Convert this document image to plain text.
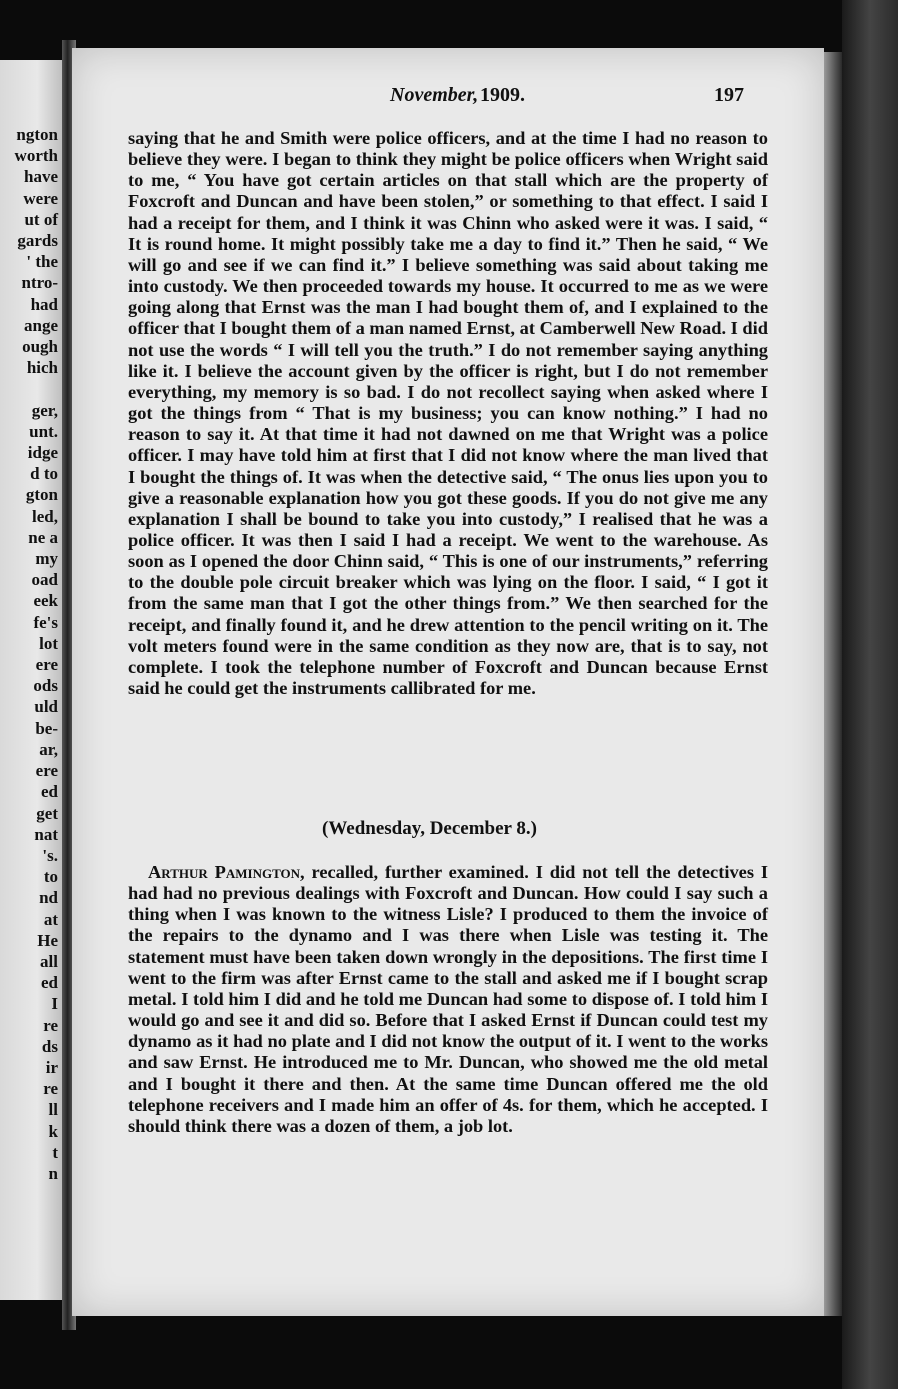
ngton
worth
have
were
ut of
gards
' the
ntro-
had
ange
ough
hich

ger,
unt.
idge
d to
gton
led,
ne a
my
oad
eek
fe's
lot
ere
ods
uld
be-
ar,
ere
ed
get
nat
's.
to
nd
at
He
all
ed
I
re
ds
ir
re
ll
k
t
n
November, 1909.	197

saying that he and Smith were police officers, and at the time I had no reason to believe they were. I began to think they might be police officers when Wright said to me, “ You have got certain articles on that stall which are the property of Foxcroft and Duncan and have been stolen,” or something to that effect. I said I had a receipt for them, and I think it was Chinn who asked were it was. I said, “ It is round home. It might possibly take me a day to find it.” Then he said, “ We will go and see if we can find it.” I believe something was said about taking me into custody. We then proceeded towards my house. It occurred to me as we were going along that Ernst was the man I had bought them of, and I explained to the officer that I bought them of a man named Ernst, at Camberwell New Road. I did not use the words “ I will tell you the truth.” I do not remember saying anything like it. I believe the account given by the officer is right, but I do not remember everything, my memory is so bad. I do not recollect saying when asked where I got the things from “ That is my business; you can know nothing.” I had no reason to say it. At that time it had not dawned on me that Wright was a police officer. I may have told him at first that I did not know where the man lived that I bought the things of. It was when the detective said, “ The onus lies upon you to give a reasonable explanation how you got these goods. If you do not give me any explanation I shall be bound to take you into custody,” I realised that he was a police officer. It was then I said I had a receipt. We went to the warehouse. As soon as I opened the door Chinn said, “ This is one of our instruments,” referring to the double pole circuit breaker which was lying on the floor. I said, “ I got it from the same man that I got the other things from.” We then searched for the receipt, and finally found it, and he drew attention to the pencil writing on it. The volt meters found were in the same condition as they now are, that is to say, not complete. I took the telephone number of Foxcroft and Duncan because Ernst said he could get the instruments callibrated for me.

(Wednesday, December 8.)

Arthur Pamington, recalled, further examined. I did not tell the detectives I had had no previous dealings with Foxcroft and Duncan. How could I say such a thing when I was known to the witness Lisle? I produced to them the invoice of the repairs to the dynamo and I was there when Lisle was testing it. The statement must have been taken down wrongly in the depositions. The first time I went to the firm was after Ernst came to the stall and asked me if I bought scrap metal. I told him I did and he told me Duncan had some to dispose of. I told him I would go and see it and did so. Before that I asked Ernst if Duncan could test my dynamo as it had no plate and I did not know the output of it. I went to the works and saw Ernst. He introduced me to Mr. Duncan, who showed me the old metal and I bought it there and then. At the same time Duncan offered me the old telephone receivers and I made him an offer of 4s. for them, which he accepted. I should think there was a dozen of them, a job lot.
